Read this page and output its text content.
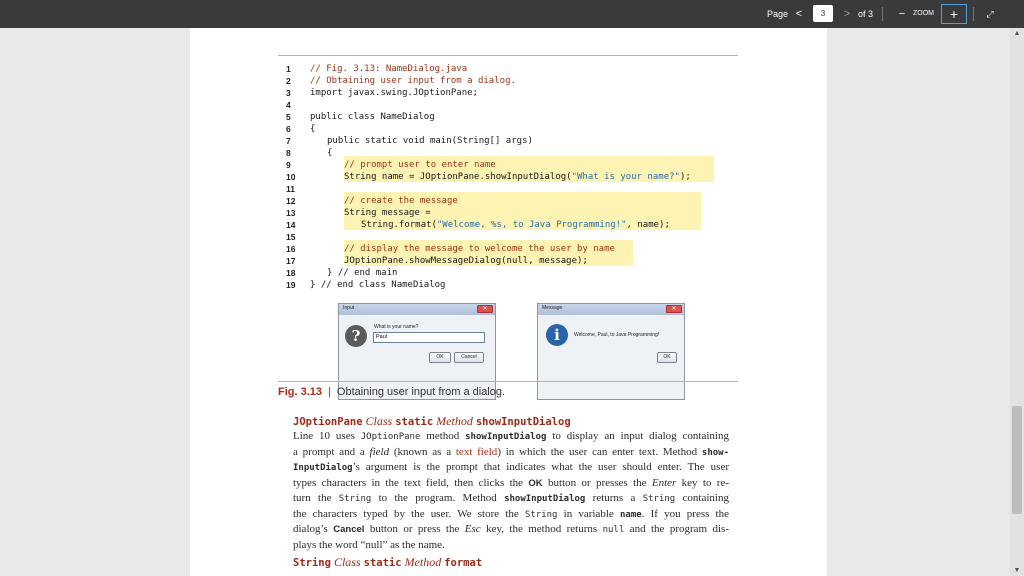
Page <	3	> of 3 −	ZOOM	+	⤢
1	// Fig. 3.13: NameDialog.java
2	// Obtaining user input from a dialog.
3	import javax.swing.JOptionPane;
4
5	public class NameDialog
6	{
7	public static void main(String[] args)
8	{
9	// prompt user to enter name
10	String name = JOptionPane.showInputDialog("What is your name?");
11
12	// create the message
13	String message =
14	String.format("Welcome, %s, to Java Programming!", name);
15
16	// display the message to welcome the user by name
17	JOptionPane.showMessageDialog(null, message);
18	} // end main
19	} // end class NameDialog
Input	✕
?	What is your name?
Paul
OK	Cancel
Message	✕
i	Welcome, Paul, to Java Programming!
OK
Fig. 3.13 | Obtaining user input from a dialog.
JOptionPane Class static Method showInputDialog
Line 10 uses JOptionPane method showInputDialog to display an input dialog containing
a prompt and a field (known as a text field) in which the user can enter text. Method show-
InputDialog’s argument is the prompt that indicates what the user should enter. The user
types characters in the text field, then clicks the OK button or presses the Enter key to re-
turn the String to the program. Method showInputDialog returns a String containing
the characters typed by the user. We store the String in variable name. If you press the
dialog’s Cancel button or press the Esc key, the method returns null and the program dis-
plays the word “null” as the name.
String Class static Method format
▲
▼
